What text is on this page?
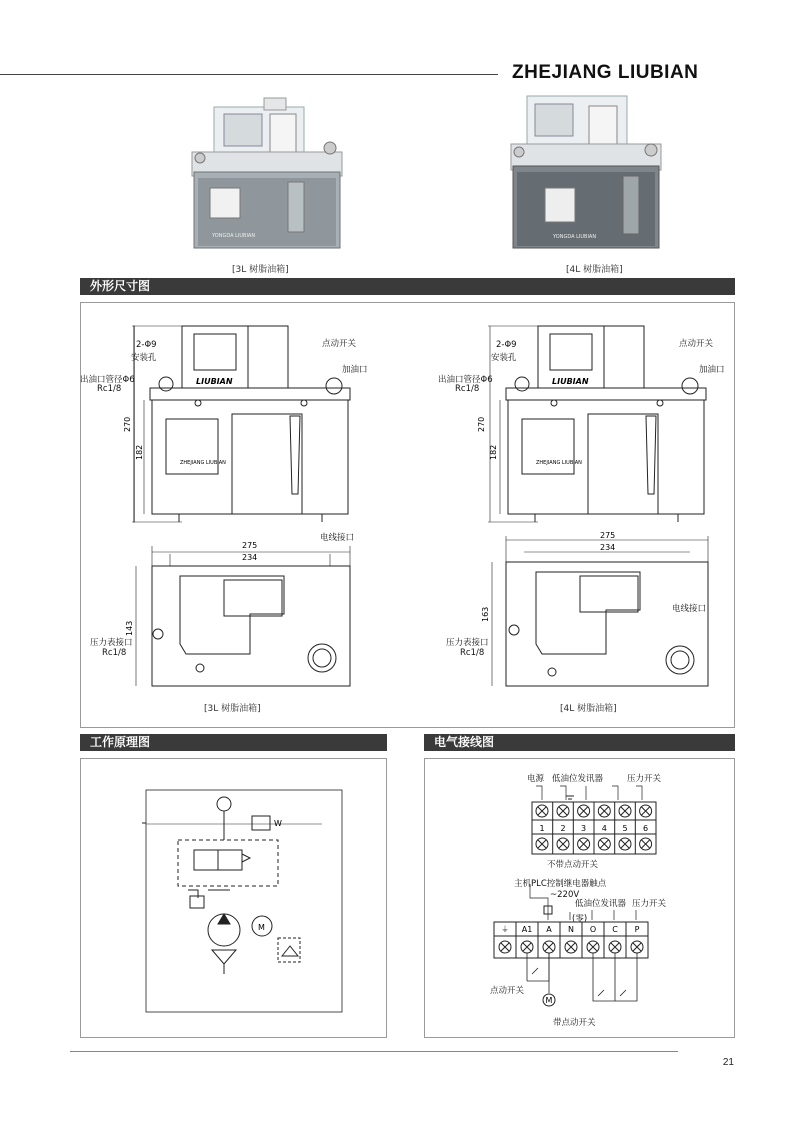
ZHEJIANG LIUBIAN
YONGDA LIUBIAN
[3L 树脂油箱]
YONGDA LIUBIAN
[4L 树脂油箱]
外形尺寸图
LIUBIAN
ZHEJIANG LIUBIAN
270
182
275
234
143
2-Φ9
安装孔
出油口管径Φ6
Rc1/8
点动开关
加油口
电线接口
压力表接口
Rc1/8
[3L 树脂油箱]
LIUBIAN
ZHEJIANG LIUBIAN
270
182
275
234
163
2-Φ9
安装孔
出油口管径Φ6
Rc1/8
点动开关
加油口
电线接口
压力表接口
Rc1/8
[4L 树脂油箱]
工作原理图
M
W
电气接线图
电源 低油位发讯器	压力开关
1 2 3 4 5 6
不带点动开关
主机PLC控制继电器触点
~220V
低油位发讯器 压力开关
(零)
⏚ A1 A N O C P
M
点动开关
带点动开关
21
